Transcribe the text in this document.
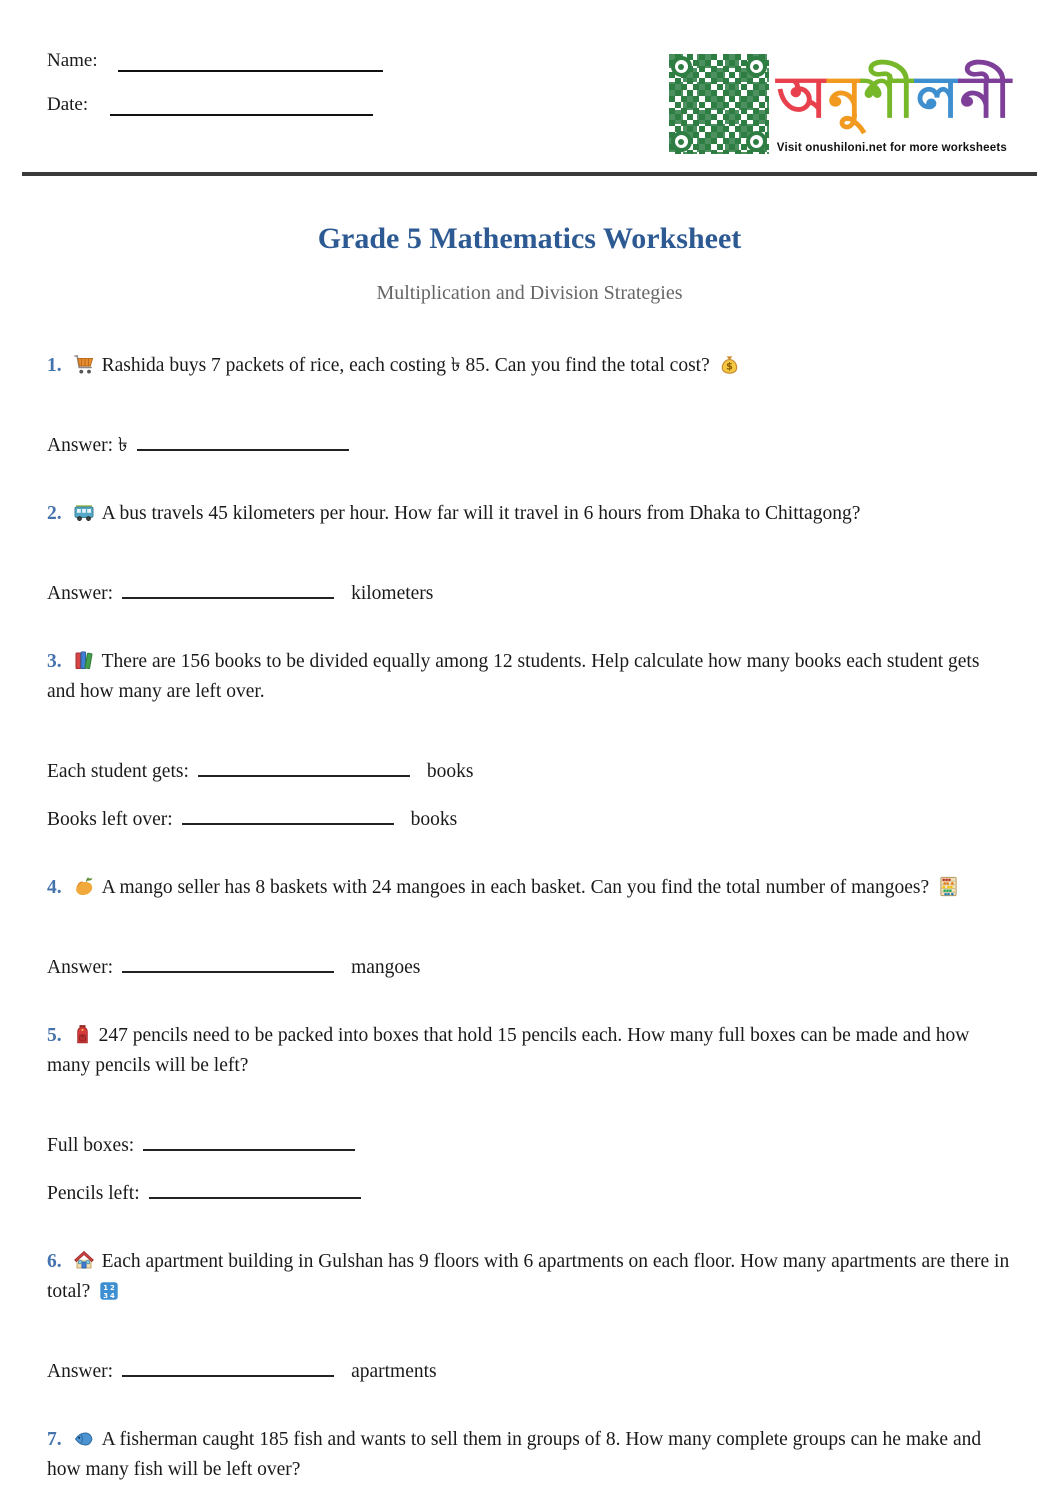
Name:
Date:	অনুশীলনী
Visit onushiloni.net for more worksheets
Grade 5 Mathematics Worksheet
Multiplication and Division Strategies

1. Rashida buys 7 packets of rice, each costing ৳ 85. Can you find the total cost? $

Answer: ৳

2. A bus travels 45 kilometers per hour. How far will it travel in 6 hours from Dhaka to Chittagong?

Answer:	kilometers

3. There are 156 books to be divided equally among 12 students. Help calculate how many books each student gets and how many are left over.

Each student gets:	books
Books left over:	books

4. A mango seller has 8 baskets with 24 mangoes in each basket. Can you find the total number of mangoes?

Answer:	mangoes

5. 247 pencils need to be packed into boxes that hold 15 pencils each. How many full boxes can be made and how many pencils will be left?

Full boxes:
Pencils left:

6. Each apartment building in Gulshan has 9 floors with 6 apartments on each floor. How many apartments are there in total? 1 2
3 4

Answer:	apartments

7. A fisherman caught 185 fish and wants to sell them in groups of 8. How many complete groups can he make and how many fish will be left over?
